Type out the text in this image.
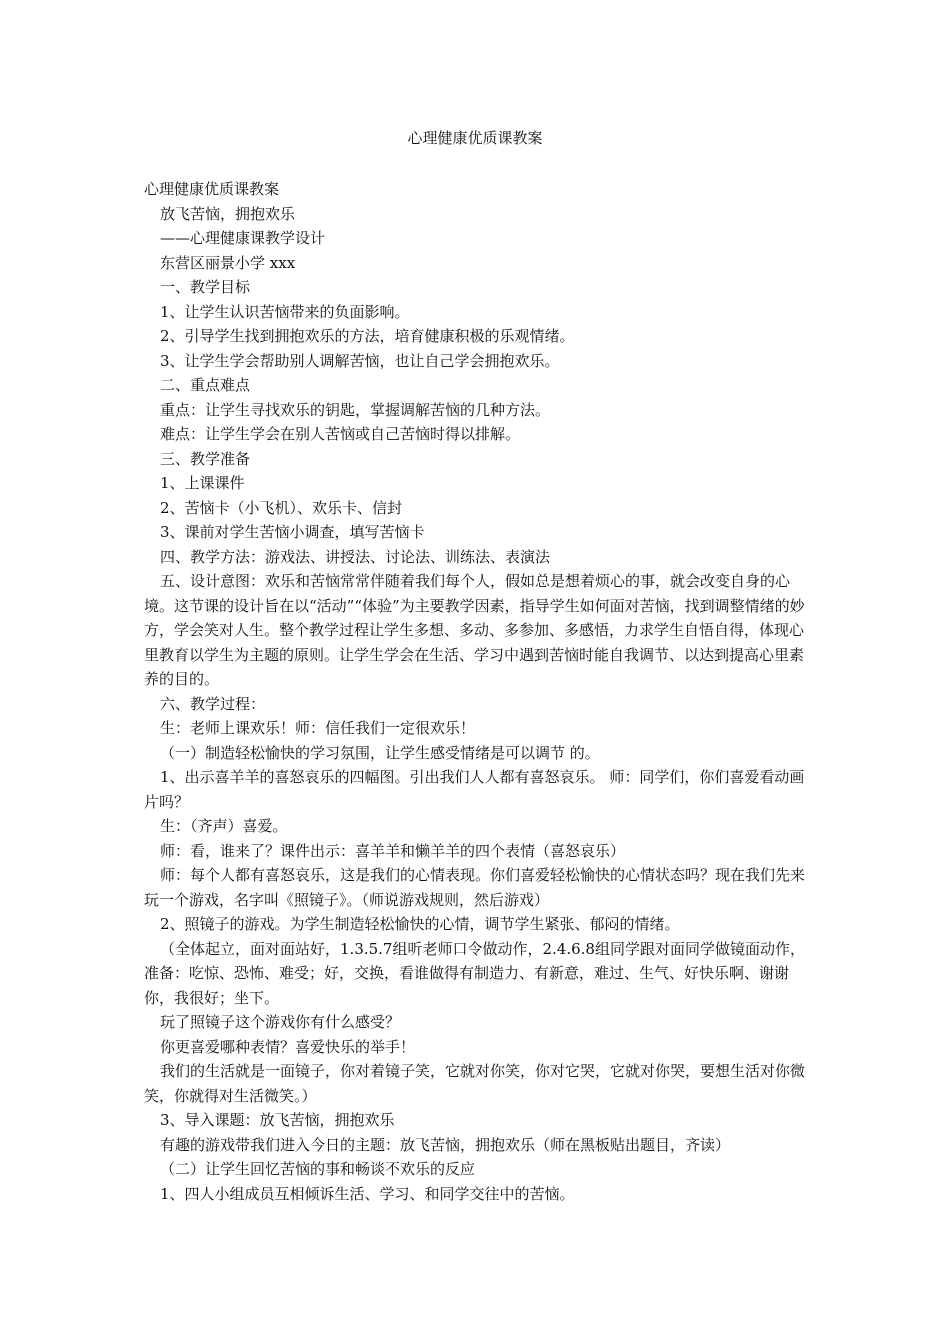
心理健康优质课教案
心理健康优质课教案
放飞苦恼，拥抱欢乐
——心理健康课教学设计
东营区丽景小学 xxx
一、教学目标
1、让学生认识苦恼带来的负面影响。
2、引导学生找到拥抱欢乐的方法，培育健康积极的乐观情绪。
3、让学生学会帮助别人调解苦恼，也让自己学会拥抱欢乐。
二、重点难点
重点：让学生寻找欢乐的钥匙，掌握调解苦恼的几种方法。
难点：让学生学会在别人苦恼或自己苦恼时得以排解。
三、教学准备
1、上课课件
2、苦恼卡（小飞机）、欢乐卡、信封
3、课前对学生苦恼小调查，填写苦恼卡
四、教学方法：游戏法、讲授法、讨论法、训练法、表演法
五、设计意图：欢乐和苦恼常常伴随着我们每个人，假如总是想着烦心的事，就会改变自身的心境。这节课的设计旨在以“活动”“体验”为主要教学因素，指导学生如何面对苦恼，找到调整情绪的妙方，学会笑对人生。整个教学过程让学生多想、多动、多参加、多感悟，力求学生自悟自得，体现心里教育以学生为主题的原则。让学生学会在生活、学习中遇到苦恼时能自我调节、以达到提高心里素养的目的。
六、教学过程：
生：老师上课欢乐！师：信任我们一定很欢乐！
（一）制造轻松愉快的学习氛围，让学生感受情绪是可以调节 的。
1、出示喜羊羊的喜怒哀乐的四幅图。引出我们人人都有喜怒哀乐。 师：同学们，你们喜爱看动画片吗？
生：（齐声）喜爱。
师：看，谁来了？课件出示：喜羊羊和懒羊羊的四个表情（喜怒哀乐）
师：每个人都有喜怒哀乐，这是我们的心情表现。你们喜爱轻松愉快的心情状态吗？现在我们先来玩一个游戏，名字叫《照镜子》。（师说游戏规则，然后游戏）
2、照镜子的游戏。为学生制造轻松愉快的心情，调节学生紧张、郁闷的情绪。
（全体起立，面对面站好，1.3.5.7组听老师口令做动作，2.4.6.8组同学跟对面同学做镜面动作，准备：吃惊、恐怖、难受；好，交换，看谁做得有制造力、有新意，难过、生气、好快乐啊、谢谢你，我很好；坐下。
玩了照镜子这个游戏你有什么感受？
你更喜爱哪种表情？喜爱快乐的举手！
我们的生活就是一面镜子，你对着镜子笑，它就对你笑，你对它哭，它就对你哭，要想生活对你微笑，你就得对生活微笑。）
3、导入课题：放飞苦恼，拥抱欢乐
有趣的游戏带我们进入今日的主题：放飞苦恼，拥抱欢乐（师在黑板贴出题目，齐读）
（二）让学生回忆苦恼的事和畅谈不欢乐的反应
1、四人小组成员互相倾诉生活、学习、和同学交往中的苦恼。
